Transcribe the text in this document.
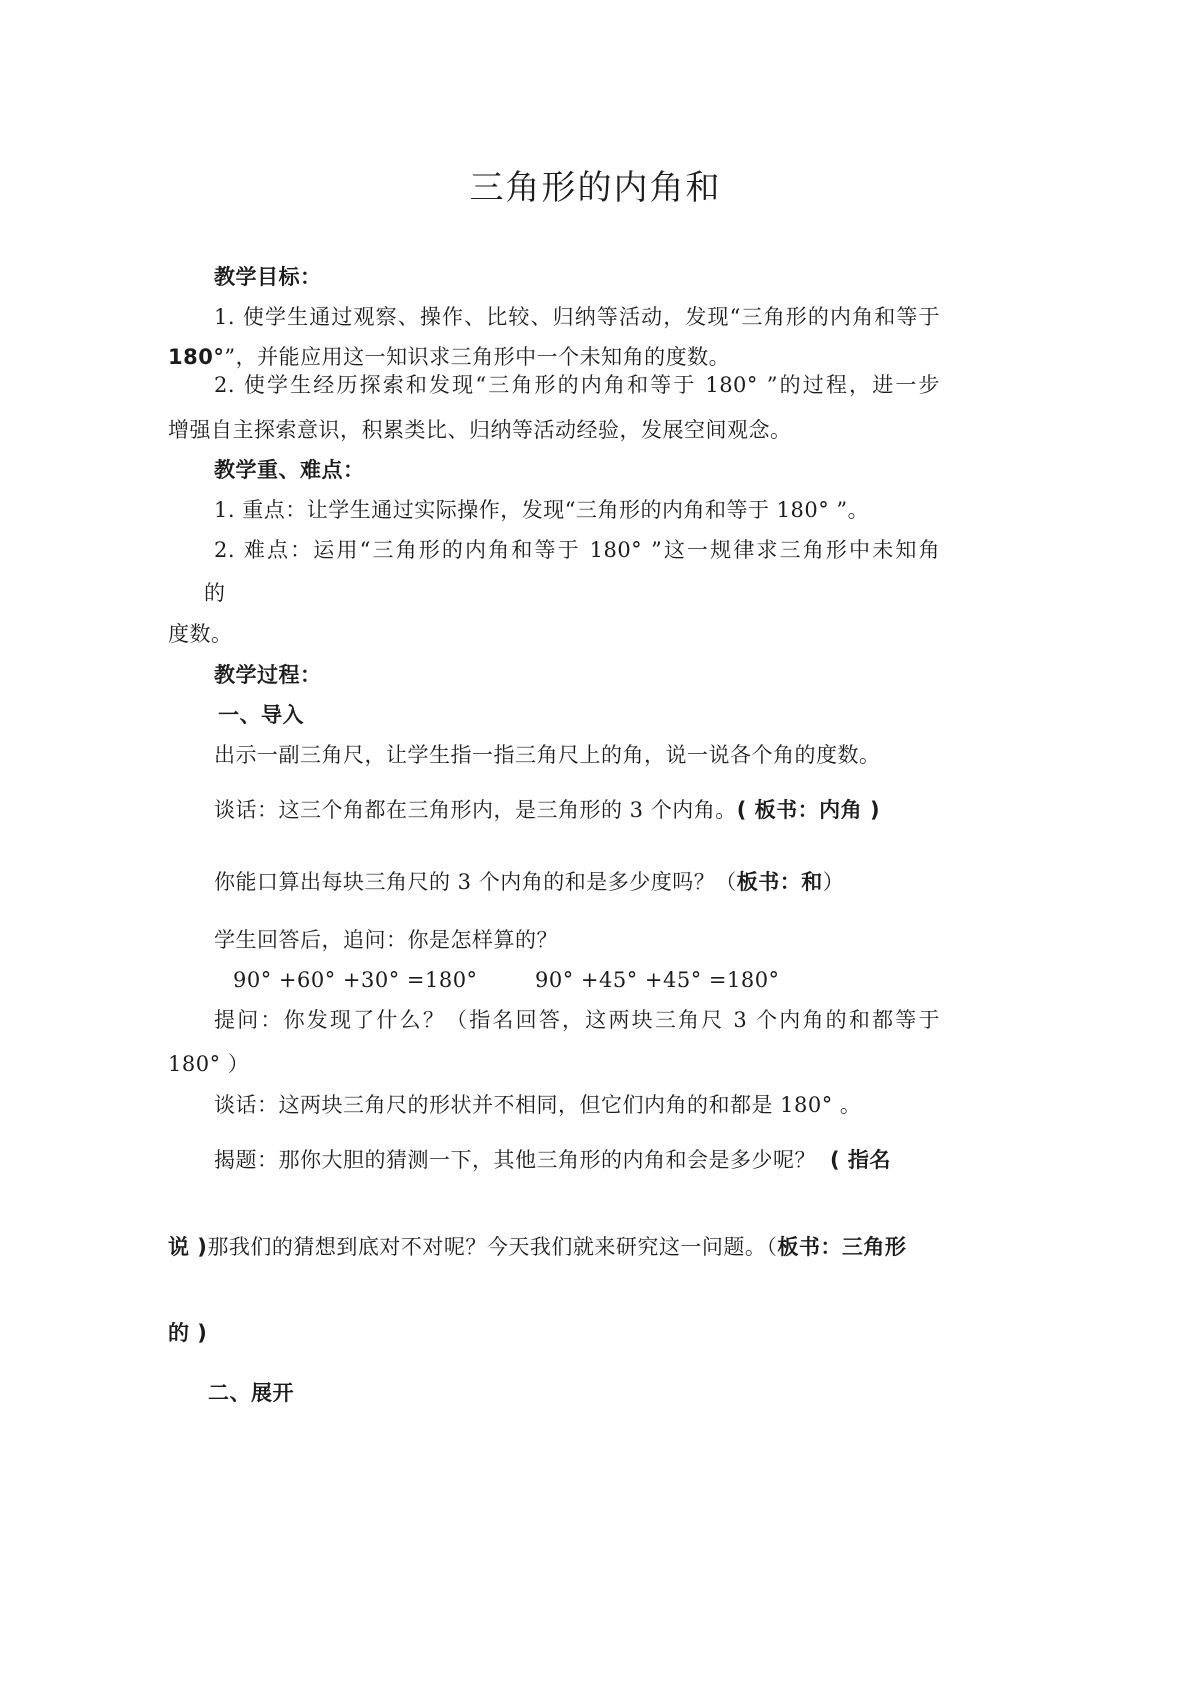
三角形的内角和
教学目标：
1. 使学生通过观察、操作、比较、归纳等活动，发现“三角形的内角和等于
180°”，并能应用这一知识求三角形中一个未知角的度数。
2. 使学生经历探索和发现“三角形的内角和等于 180° ”的过程，进一步
增强自主探索意识，积累类比、归纳等活动经验，发展空间观念。
教学重、难点：
1. 重点：让学生通过实际操作，发现“三角形的内角和等于 180° ”。
2. 难点：运用“三角形的内角和等于 180° ”这一规律求三角形中未知角
的
度数。
教学过程：
一、导入
出示一副三角尺，让学生指一指三角尺上的角，说一说各个角的度数。
谈话：这三个角都在三角形内，是三角形的 3 个内角。( 板书：内角 )
你能口算出每块三角尺的 3 个内角的和是多少度吗？（板书：和）
学生回答后，追问：你是怎样算的？
90° +60° +30° =180°	90° +45° +45° =180°
提问：你发现了什么？（指名回答，这两块三角尺 3 个内角的和都等于
180° ）
谈话：这两块三角尺的形状并不相同，但它们内角的和都是 180° 。
揭题：那你大胆的猜测一下，其他三角形的内角和会是多少呢？ ( 指名
说 )那我们的猜想到底对不对呢？今天我们就来研究这一问题。（板书：三角形
的 )
二、展开
